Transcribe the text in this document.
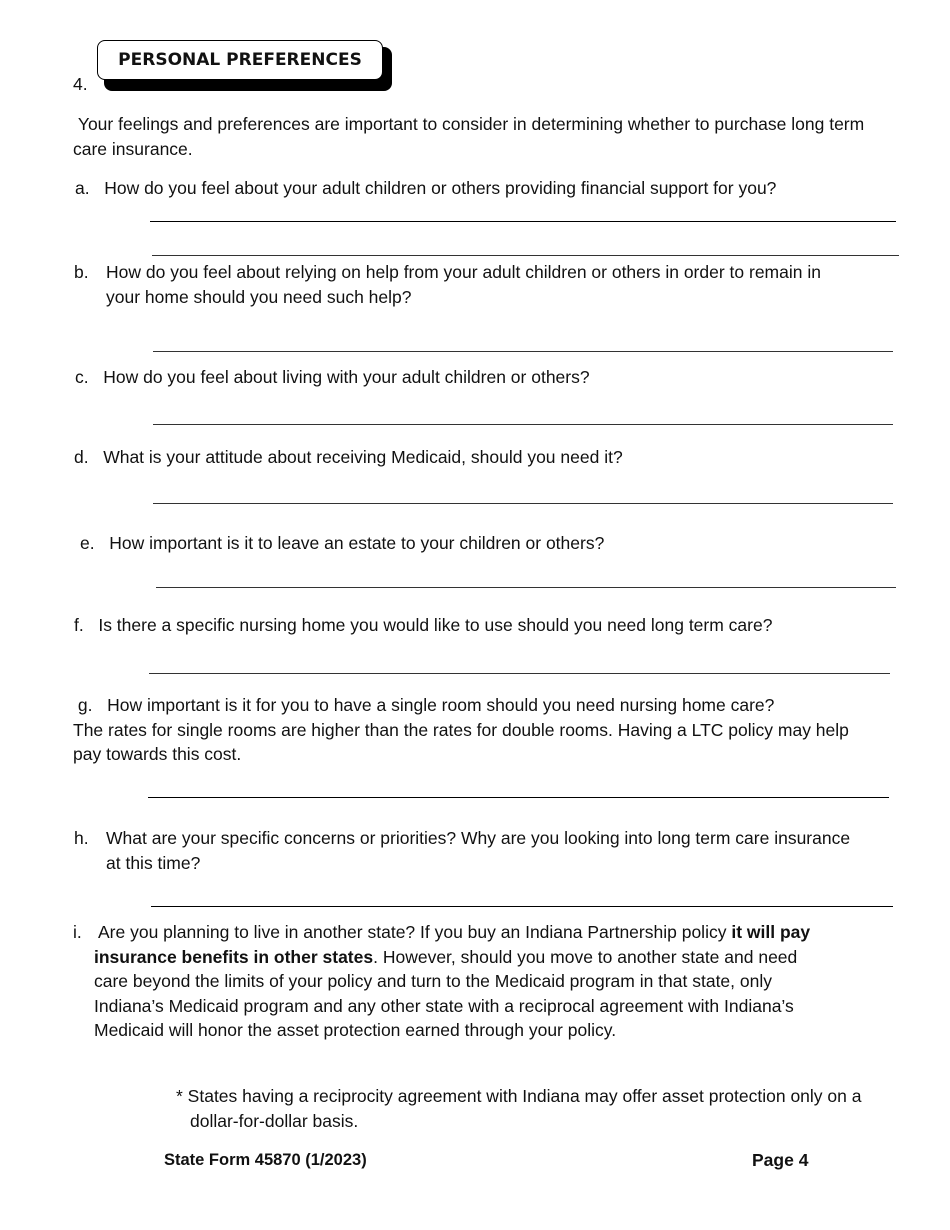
4.
PERSONAL PREFERENCES
Your feelings and preferences are important to consider in determining whether to purchase long term care insurance.
a. How do you feel about your adult children or others providing financial support for you?
b. How do you feel about relying on help from your adult children or others in order to remain in your home should you need such help?
c. How do you feel about living with your adult children or others?
d. What is your attitude about receiving Medicaid, should you need it?
e. How important is it to leave an estate to your children or others?
f. Is there a specific nursing home you would like to use should you need long term care?
g. How important is it for you to have a single room should you need nursing home care?
The rates for single rooms are higher than the rates for double rooms. Having a LTC policy may help pay towards this cost.
h. What are your specific concerns or priorities? Why are you looking into long term care insurance at this time?
i. Are you planning to live in another state? If you buy an Indiana Partnership policy it will pay insurance benefits in other states. However, should you move to another state and need care beyond the limits of your policy and turn to the Medicaid program in that state, only Indiana’s Medicaid program and any other state with a reciprocal agreement with Indiana’s Medicaid will honor the asset protection earned through your policy.
* States having a reciprocity agreement with Indiana may offer asset protection only on a dollar-for-dollar basis.
State Form 45870 (1/2023)	Page 4
